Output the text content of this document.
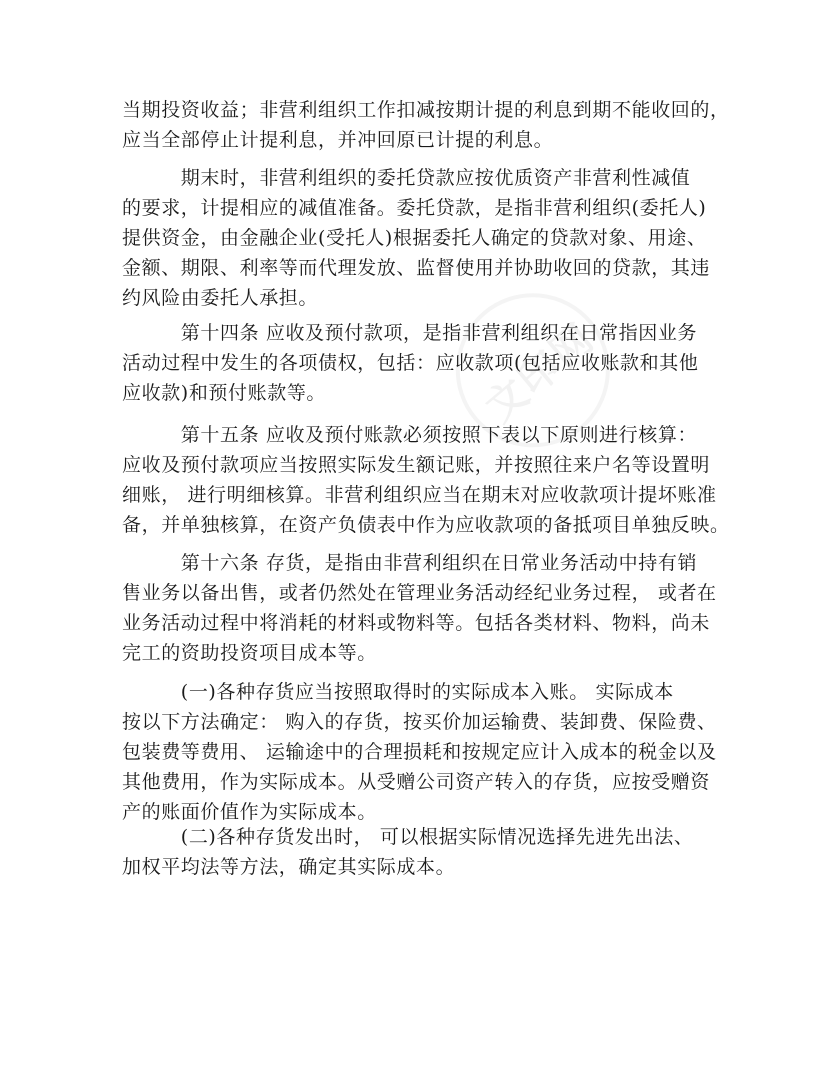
文印网
当期投资收益；非营利组织工作扣减按期计提的利息到期不能收回的，
应当全部停止计提利息，并冲回原已计提的利息。
　　　期末时，非营利组织的委托贷款应按优质资产非营利性减值
的要求，计提相应的减值准备。委托贷款，是指非营利组织(委托人)
提供资金，由金融企业(受托人)根据委托人确定的贷款对象、用途、
金额、期限、利率等而代理发放、监督使用并协助收回的贷款，其违
约风险由委托人承担。
　　　第十四条 应收及预付款项，是指非营利组织在日常指因业务
活动过程中发生的各项债权，包括：应收款项(包括应收账款和其他
应收款)和预付账款等。
　　　第十五条 应收及预付账款必须按照下表以下原则进行核算：
应收及预付款项应当按照实际发生额记账，并按照往来户名等设置明
细账， 进行明细核算。非营利组织应当在期末对应收款项计提坏账准
备，并单独核算，在资产负债表中作为应收款项的备抵项目单独反映。
　　　第十六条 存货，是指由非营利组织在日常业务活动中持有销
售业务以备出售，或者仍然处在管理业务活动经纪业务过程， 或者在
业务活动过程中将消耗的材料或物料等。包括各类材料、物料，尚未
完工的资助投资项目成本等。
　　　(一)各种存货应当按照取得时的实际成本入账。 实际成本
按以下方法确定： 购入的存货，按买价加运输费、装卸费、保险费、
包装费等费用、 运输途中的合理损耗和按规定应计入成本的税金以及
其他费用，作为实际成本。从受赠公司资产转入的存货，应按受赠资
产的账面价值作为实际成本。
　　　(二)各种存货发出时， 可以根据实际情况选择先进先出法、
加权平均法等方法，确定其实际成本。
